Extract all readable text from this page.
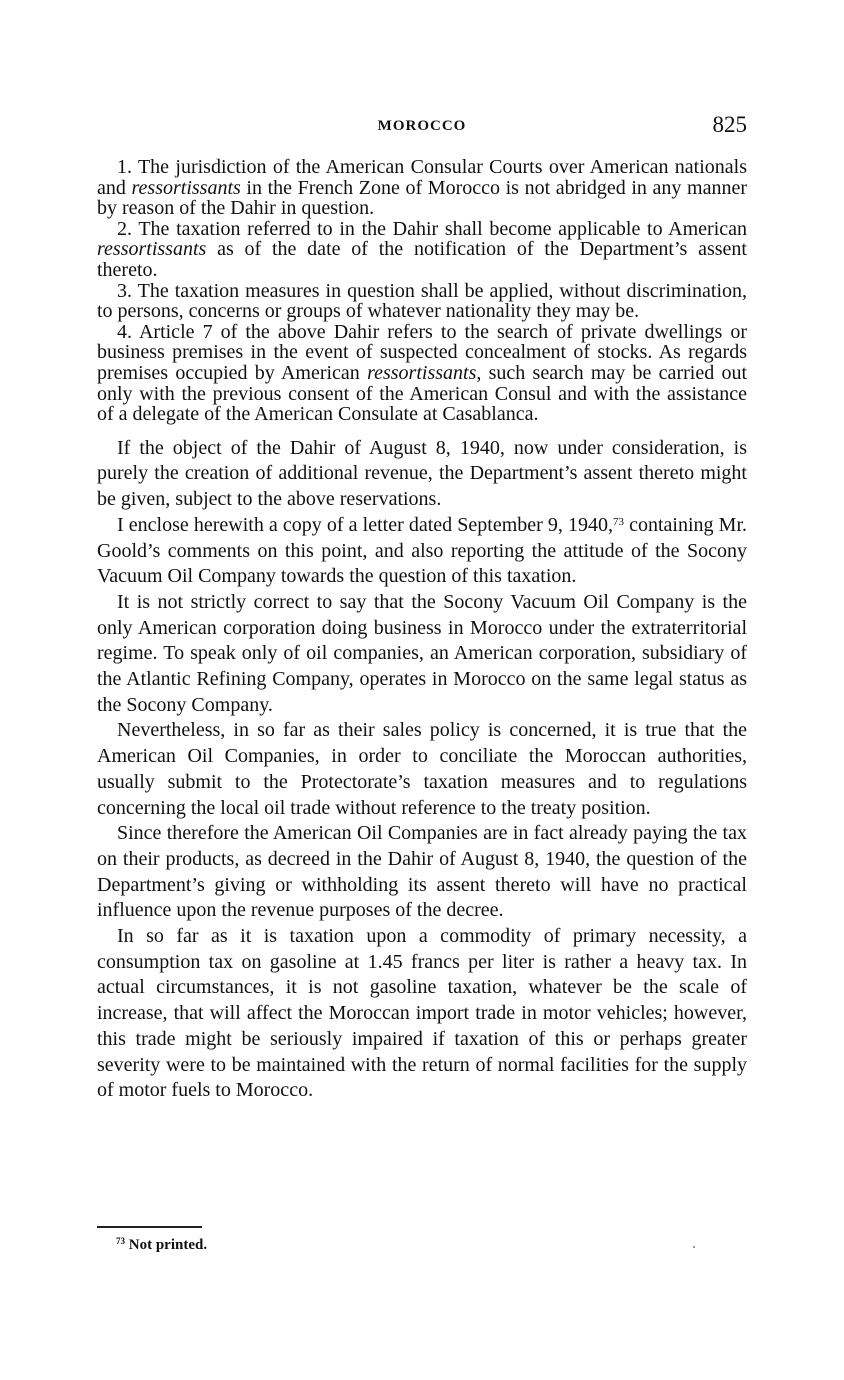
MOROCCO	825

1. The jurisdiction of the American Consular Courts over American nationals and ressortissants in the French Zone of Morocco is not abridged in any manner by reason of the Dahir in question.

2. The taxation referred to in the Dahir shall become applicable to American ressortissants as of the date of the notification of the Department’s assent thereto.

3. The taxation measures in question shall be applied, without discrimination, to persons, concerns or groups of whatever nationality they may be.

4. Article 7 of the above Dahir refers to the search of private dwellings or business premises in the event of suspected concealment of stocks. As regards premises occupied by American ressortissants, such search may be carried out only with the previous consent of the American Consul and with the assistance of a delegate of the American Consulate at Casablanca.

If the object of the Dahir of August 8, 1940, now under consideration, is purely the creation of additional revenue, the Department’s assent thereto might be given, subject to the above reservations.

I enclose herewith a copy of a letter dated September 9, 1940,73 containing Mr. Goold’s comments on this point, and also reporting the attitude of the Socony Vacuum Oil Company towards the question of this taxation.

It is not strictly correct to say that the Socony Vacuum Oil Company is the only American corporation doing business in Morocco under the extraterritorial regime. To speak only of oil companies, an American corporation, subsidiary of the Atlantic Refining Company, operates in Morocco on the same legal status as the Socony Company.

Nevertheless, in so far as their sales policy is concerned, it is true that the American Oil Companies, in order to conciliate the Moroccan authorities, usually submit to the Protectorate’s taxation measures and to regulations concerning the local oil trade without reference to the treaty position.

Since therefore the American Oil Companies are in fact already paying the tax on their products, as decreed in the Dahir of August 8, 1940, the question of the Department’s giving or withholding its assent thereto will have no practical influence upon the revenue purposes of the decree.

In so far as it is taxation upon a commodity of primary necessity, a consumption tax on gasoline at 1.45 francs per liter is rather a heavy tax. In actual circumstances, it is not gasoline taxation, whatever be the scale of increase, that will affect the Moroccan import trade in motor vehicles; however, this trade might be seriously impaired if taxation of this or perhaps greater severity were to be maintained with the return of normal facilities for the supply of motor fuels to Morocco.

$^{73}$ Not printed.
